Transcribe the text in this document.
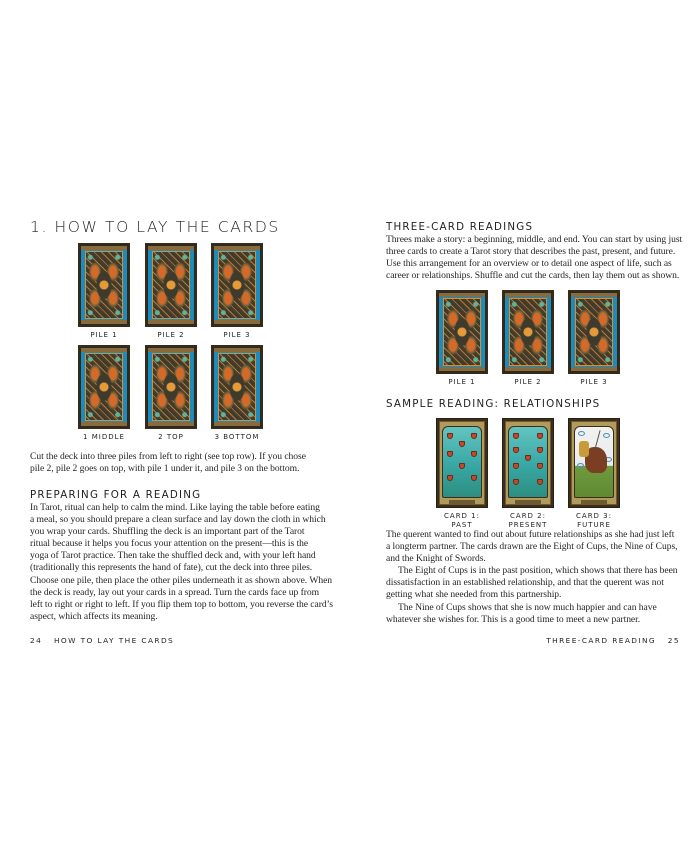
1. HOW TO LAY THE CARDS
PILE 1	PILE 2	PILE 3
1 MIDDLE	2 TOP	3 BOTTOM

Cut the deck into three piles from left to right (see top row). If you chose

pile 2, pile 2 goes on top, with pile 1 under it, and pile 3 on the bottom.

PREPARING FOR A READING

In Tarot, ritual can help to calm the mind. Like laying the table before eating

a meal, so you should prepare a clean surface and lay down the cloth in which

you wrap your cards. Shuffling the deck is an important part of the Tarot

ritual because it helps you focus your attention on the present—this is the

yoga of Tarot practice. Then take the shuffled deck and, with your left hand

(traditionally this represents the hand of fate), cut the deck into three piles.

Choose one pile, then place the other piles underneath it as shown above. When

the deck is ready, lay out your cards in a spread. Turn the cards face up from

left to right or right to left. If you flip them top to bottom, you reverse the card’s

aspect, which affects its meaning.

24 HOW TO LAY THE CARDS
THREE-CARD READINGS

Threes make a story: a beginning, middle, and end. You can start by using just

three cards to create a Tarot story that describes the past, present, and future.

Use this arrangement for an overview or to detail one aspect of life, such as

career or relationships. Shuffle and cut the cards, then lay them out as shown.

PILE 1	PILE 2	PILE 3
SAMPLE READING: RELATIONSHIPS
CARD 1:
PAST
CARD 2:
PRESENT
CARD 3:
FUTURE

The querent wanted to find out about future relationships as she had just left

a longterm partner. The cards drawn are the Eight of Cups, the Nine of Cups,

and the Knight of Swords.

The Eight of Cups is in the past position, which shows that there has been

dissatisfaction in an established relationship, and that the querent was not

getting what she needed from this partnership.

The Nine of Cups shows that she is now much happier and can have

whatever she wishes for. This is a good time to meet a new partner.

THREE-CARD READING 25
